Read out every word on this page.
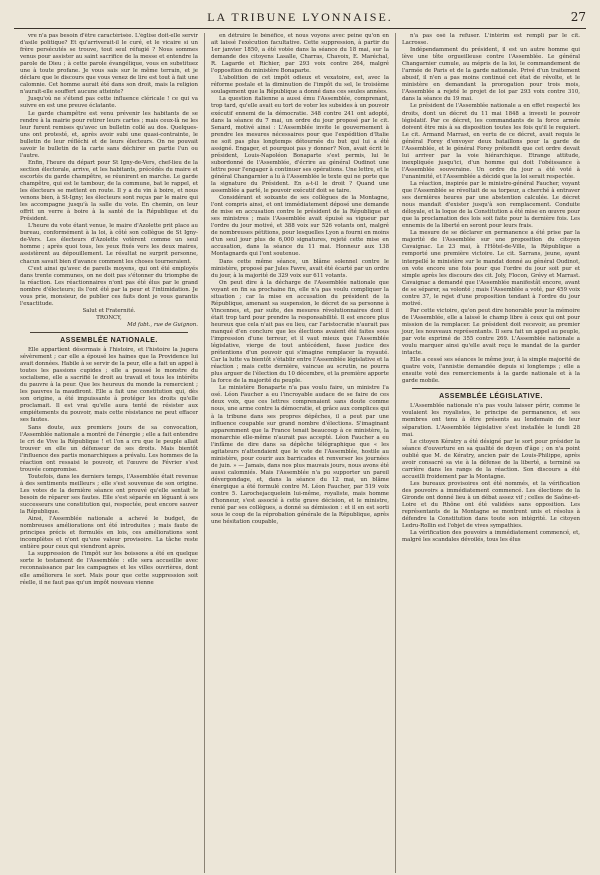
LA TRIBUNE LYONNAISE.	27

vre n'a pas besoin d'être caractérisée. L'église doit-elle servir d'asile politique? Et qu'arriverait-il le curé, et le vicaire si un frère persécutés se trouve, tout seul réfugié ? Nous sommes venus pour assister au saint sacrifice de la messe et entendre la parole de Dieu ; à cette parole évangélique, vous en substituez une à toute profane. Je vous sais sur le même terrain, et je déclare que le discours que vous venez de lire est tout à fait une calomnie. Cet homme aurait été dans son droit, mais la religion n'aurait-elle souffert aucune atteinte?

Jusqu'où ne s'étend pas cette influence cléricale ! ce qui va suivre en est une preuve éclatante.

Le garde champêtre est venu prévenir les habitants de se rendre à la mairie pour retirer leurs cartes ; mais ceux-là ne les leur furent remises qu'avec un bulletin collé au dos. Quelques-uns ont protesté, et, après avoir subi une quasi-contrainte, le bulletin de leur réfléchi et de leurs électeurs. On ne pouvait savoir le bulletin de la carte sans déchirer en partie l'un ou l'autre.

Enfin, l'heure du départ pour St Igny-de-Vers, chef-lieu de la section électorale, arrive, et les habitants, précédés du maire et escortés du garde champêtre, se réunirent en marche. Le garde champêtre, qui est le tambour, de la commune, bat le rappel, et les électeurs se mettent en route. Il y a du vin à boire, et nous venons bien, à St-Igny; les électeurs sont reçus par le maire qui les accompagne jusqu'à la salle du vote. En chemin, on leur offrit un verre à boire à la santé de la République et du Président.

L'heure du vote étant venue, le maire d'Azolette prit place au bureau, conformément à la loi, à côté son collègue de St Igny-de-Vers. Les électeurs d'Azolette votèrent comme un seul homme ; après quoi tous, les yeux fixés vers les deux maires, assistèrent au dépouillement. Le résultat ne surprit personne, chacun savait bien d'avance comment les choses tourneraient.

C'est ainsi qu'avec de pareils moyens, qui ont été employés dans trente communes, on ne doit pas s'étonner du triomphe de la réaction. Les réactionnaires n'ont pas été élus par le grand nombre d'électeurs; ils l'ont été par la peur et l'intimidation. Je vous prie, monsieur, de publier ces faits dont je vous garantis l'exactitude.

Salut et Fraternité.

TRONCY,

Md fabt., rue de Guignon.

ASSEMBLÉE NATIONALE.

Elle appartient désormais à l'histoire, et l'histoire la jugera sévèrement ; car elle a épousé les haines que la Providence lui avait données. Habile à se servir de la peur, elle a fait un appel à toutes les passions cupides ; elle a poussé le monstre du socialisme, elle a sacrifié le droit au travail et tous les intérêts du pauvre à la peur. Que les heureux du monde la remercient ; les pauvres la maudiront. Elle a fait une constitution qui, dès son origine, a été impuissante à protéger les droits qu'elle proclamait. Il est vrai qu'elle aura tenté de résister aux empiétements du pouvoir, mais cette résistance ne peut effacer ses fautes.

Sans doute, aux premiers jours de sa convocation, l'Assemblée nationale a montré de l'énergie ; elle a fait entendre le cri de Vive la République ! et l'on a cru que le peuple allait trouver en elle un défenseur de ses droits. Mais bientôt l'influence des partis monarchiques a prévalu. Les hommes de la réaction ont ressaisi le pouvoir, et l'œuvre de Février s'est trouvée compromise.

Toutefois, dans les derniers temps, l'Assemblée était revenue à des sentiments meilleurs ; elle s'est souvenue de son origine. Les votes de la dernière séance ont prouvé qu'elle sentait le besoin de réparer ses fautes. Elle s'est séparée en léguant à ses successeurs une constitution qui, respectée, peut encore sauver la République.

Ainsi, l'Assemblée nationale a achevé le budget, de nombreuses améliorations ont été introduites ; mais faute de principes précis et formulés en lois, ces améliorations sont incomplètes et n'ont qu'une valeur provisoire. La tâche reste entière pour ceux qui viendront après.

La suppression de l'impôt sur les boissons a été en quelque sorte le testament de l'Assemblée : elle sera accueillie avec reconnaissance par les campagnes et les villes ouvrières, dont elle améliorera le sort. Mais pour que cette suppression soit réelle, il ne faut pas qu'un impôt nouveau vienne

en détruire le bénéfice, et nous voyons avec peine qu'on en ait laissé l'exécution facultative. Cette suppression, à partir du 1er janvier 1850, a été votée dans la séance du 18 mai, sur la demande des citoyens Lasalle, Charras, Chavoix, E. Maréchal, R. Lagarde et Richier, par 293 voix contre 264, malgré l'opposition du ministère Bonaparte.

L'abolition de cet impôt odieux et vexatoire, est, avec la réforme postale et la diminution de l'impôt du sel, le troisième soulagement que la République a donné dans ces seules années.

La question italienne a aussi ému l'Assemblée, comprenant, trop tard, qu'elle avait eu tort de voter les subsides à un pouvoir exécutif ennemi de la démocratie. 348 contre 241 ont adopté, dans la séance du 7 mai, un ordre du jour proposé par le cit. Senard, motivé ainsi : L'Assemblée invite le gouvernement à prendre les mesures nécessaires pour que l'expédition d'Italie ne soit pas plus longtemps détournée du but qui lui a été assigné. Engager, et pourquoi pas y donner? Non, avait écrit le président, Louis-Napoléon Bonaparte s'est permis, lui le subordonné de l'Assemblée, d'écrire au général Oudinot une lettre pour l'engager à continuer ses opérations. Une lettre, et le général Changarnier a lu à l'Assemblée le texte qui ne porte que la signature du Président. En a-t-il le droit ? Quand une assemblée a parlé, le pouvoir exécutif doit se taire.

Considérant et soixante de ses collègues de la Montagne, l'ont compris ainsi, et ont immédiatement déposé une demande de mise en accusation contre le président de la République et ses ministres ; mais l'Assemblée avait épuisé sa vigueur par l'ordre du jour motivé, et 388 voix sur 526 votants ont, malgré de nombreuses pétitions, pour lesquelles Lyon a fourni en moins d'un seul jour plus de 6,000 signatures, rejeté cette mise en accusation, dans la séance du 11 mai. Honneur aux 138 Montagnards qui l'ont soutenue.

Dans cette même séance, un blâme solennel contre le ministère, proposé par Jules Favre, avait été écarté par un ordre du jour, à la majorité de 329 voix sur 611 votants.

On peut dire à la décharge de l'Assemblée nationale que voyant en fin sa prochaine fin, elle n'a pas voulu compliquer la situation ; car la mise en accusation du président de la République, amenant sa suspension, le décret de sa personne à Vincennes, et, par suite, des mesures révolutionnaires dont il était trop tard pour prendre la responsabilité. Il est encore plus heureux que cela n'ait pas eu lieu, car l'aristocratie n'aurait pas manqué d'en conclure que les élections avaient été faites sous l'impression d'une terreur, et il vaut mieux que l'Assemblée législative, vierge de tout antécédent, fasse justice des prétentions d'un pouvoir qui s'imagine remplacer la royauté. Car la lutte va bientôt s'établir entre l'Assemblée législative et la réaction ; mais cette dernière, vaincue au scrutin, ne pourra plus arguer de l'élection du 10 décembre, et la première apporte la force de la majorité du peuple.

Le ministère Bonaparte n'a pas voulu faire, un ministre l'a osé. Léon Faucher a eu l'incroyable audace de se faire de ces deux voix, que ces lettres comprenaient sans doute comme nous, une arme contre la démocratie, et grâce aux complices qui à la tribune dans ses propres dépêches, il a peut par une influence coupable sur grand nombre d'élections. S'imaginant apparemment que la France tenait beaucoup à ce ministère, la monarchie elle-même n'aurait pas accepté. Léon Faucher a eu l'infâme de dire dans sa dépêche télégraphique que « les agitateurs n'attendaient que le vote de l'Assemblée, hostile au ministère, pour courir aux barricades et renverser les journées de juin. » — Jamais, dans nos plus mauvais jours, nous avons été aussi calomniés. Mais l'Assemblée n'a pu supporter un pareil dévergondage, et, dans la séance du 12 mai, un blâme énergique a été formulé contre M. Léon Faucher, par 519 voix contre 5. Larochejacquelein lui-même, royaliste, mais homme d'honneur, s'est associé à cette grave décision, et le ministre, renié par ses collègues, a donné sa démission : et il en est sorti sous le coup de la réprobation générale de la République, après une hésitation coupable,

n'a pas osé la refuser. L'intérim est rempli par le cit. Lacrosse.

Indépendamment du président, il est un autre homme qui lève une tête orgueilleuse contre l'Assemblée. Le général Changarnier cumule, au mépris de la loi, le commandement de l'armée de Paris et de la garde nationale. Privé d'un traitement abusif, il n'en a pas moins continué cet état de révolte, et le ministère en demandant la prorogation pour trois mois, l'Assemblée a rejeté le projet de loi par 293 voix contre 310, dans la séance du 19 mai.

Le président de l'Assemblée nationale a en effet respecté les droits, dont un décret du 11 mai 1848 a investi le pouvoir législatif. Par ce décret, les commandants de la force armée doivent être mis à sa disposition toutes les fois qu'il le requiert. Le cit. Armand Marrast, en vertu de ce décret, avait requis le général Forey d'envoyer deux bataillons pour la garde de l'Assemblée, et le général Forey prétendit que cet ordre devait lui arriver par la voie hiérarchique. Etrange attitude, inexpliquée jusqu'ici, d'un homme qui doit l'obéissance à l'Assemblée souveraine. Un ordre du jour a été voté à l'unanimité, et l'Assemblée a décidé que la loi serait respectée.

La réaction, inspirée par le ministre-général Faucher, voyant que l'Assemblée se révoltait de sa torpeur, a cherché à entraver ses dernières heures par une abstention calculée. Le décret nous mandait d'exister jusqu'à son remplacement. Conduite déloyale, et la loque de la Constitution a été mise en œuvre pour que la proclamation des lois soit faite pour la dernière fois. Les ennemis de la liberté en seront pour leurs frais.

La mesure de se déclarer en permanence a été prise par la majorité de l'Assemblée sur une proposition du citoyen Cavaignac. Le 23 mai, à l'Hôtel-de-Ville, la République a remporté une première victoire. Le cit. Sarrans, jeune, ayant interpellé le ministère sur le mandat donné au général Oudinot, on vote encore une fois pour que l'ordre du jour soit pur et simple après les discours des cit. Joly, Flocon, Grévy et Marrast. Cavaignac a demandé que l'Assemblée manifestât encore, avant de se séparer, sa volonté ; mais l'Assemblée a voté, par 459 voix contre 37, le rejet d'une proposition tendant à l'ordre du jour motivé.

Par cette victoire, qu'on peut dire honorable pour la mémoire de l'Assemblée, elle a laissé le champ libre à ceux qui ont pour mission de la remplacer. Le président doit recevoir, au premier jour, les nouveaux représentants. Il sera fait un appel au peuple, par vote exprimé de 355 contre 269. L'Assemblée nationale a voulu marquer ainsi qu'elle avait reçu le mandat de la garder intacte.

Elle a cessé ses séances le même jour, à la simple majorité de quatre voix, l'annistie demandée depuis si longtemps ; elle a ensuite voté des remerciements à la garde nationale et à la garde mobile.

ASSEMBLÉE LÉGISLATIVE.

L'Assemblée nationale n'a pas voulu laisser périr, comme le voulaient les royalistes, le principe de permanence, et ses membres ont tenu à être présents au lendemain de leur séparation. L'Assemblée législative s'est installée le lundi 28 mai.

Le citoyen Kératry a été désigné par le sort pour présider la séance d'ouverture en sa qualité de doyen d'âge ; on n'a point oublié que M. de Kératry, ancien pair de Louis-Philippe, après avoir consacré sa vie à la défense de la liberté, a terminé sa carrière dans les rangs de la réaction. Son discours a été accueilli froidement par la Montagne.

Les bureaux provisoires ont été nommés, et la vérification des pouvoirs a immédiatement commencé. Les élections de la Gironde ont donné lieu à un débat assez vif ; celles de Saône-et-Loire et du Rhône ont été validées sans opposition. Les représentants de la Montagne se montrent unis et résolus à défendre la Constitution dans toute son intégrité. Le citoyen Ledru-Rollin est l'objet de vives sympathies.

La vérification des pouvoirs a immédiatement commencé, et, malgré les scandales dévoilés, tous les élus
